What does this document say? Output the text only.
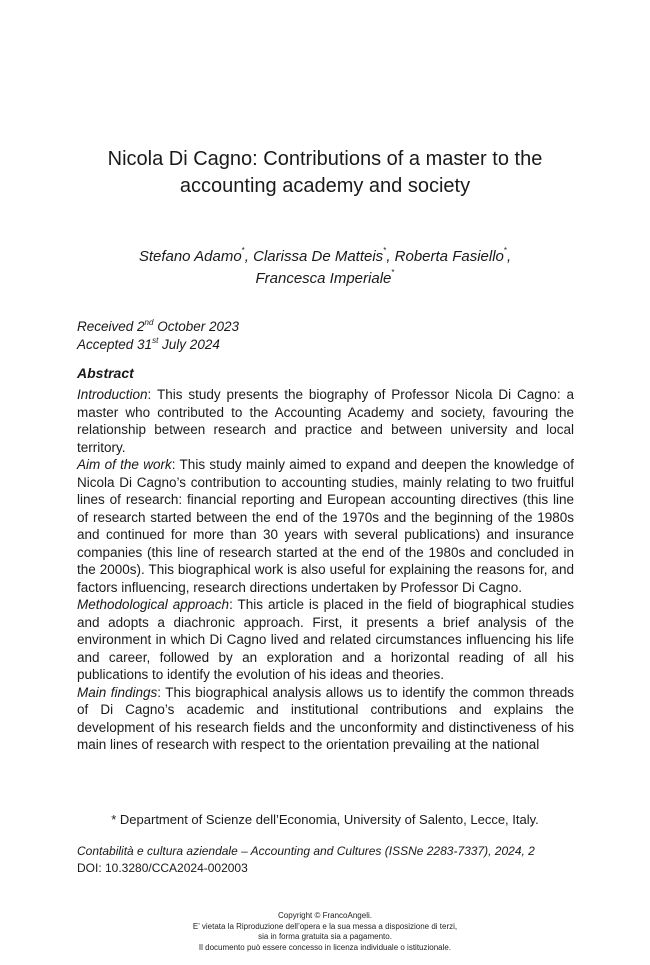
Nicola Di Cagno: Contributions of a master to the
accounting academy and society
Stefano Adamo*, Clarissa De Matteis*, Roberta Fasiello*,
Francesca Imperiale*
Received 2nd October 2023
Accepted 31st July 2024
Abstract

Introduction: This study presents the biography of Professor Nicola Di Cagno: a master who contributed to the Accounting Academy and society, favouring the relationship between research and practice and between university and local territory.

Aim of the work: This study mainly aimed to expand and deepen the knowledge of Nicola Di Cagno’s contribution to accounting studies, mainly relating to two fruitful lines of research: financial reporting and European accounting directives (this line of research started between the end of the 1970s and the beginning of the 1980s and continued for more than 30 years with several publications) and insurance companies (this line of research started at the end of the 1980s and concluded in the 2000s). This biographical work is also useful for explaining the reasons for, and factors influencing, research directions undertaken by Professor Di Cagno.

Methodological approach: This article is placed in the field of biographical studies and adopts a diachronic approach. First, it presents a brief analysis of the environment in which Di Cagno lived and related circumstances influencing his life and career, followed by an exploration and a horizontal reading of all his publications to identify the evolution of his ideas and theories.

Main findings: This biographical analysis allows us to identify the common threads of Di Cagno’s academic and institutional contributions and explains the development of his research fields and the unconformity and distinctiveness of his main lines of research with respect to the orientation prevailing at the national

* Department of Scienze dell’Economia, University of Salento, Lecce, Italy.
Contabilità e cultura aziendale – Accounting and Cultures (ISSNe 2283-7337), 2024, 2
DOI: 10.3280/CCA2024-002003
Copyright © FrancoAngeli.
E’ vietata la Riproduzione dell’opera e la sua messa a disposizione di terzi,
sia in forma gratuita sia a pagamento.
Il documento può essere concesso in licenza individuale o istituzionale.
